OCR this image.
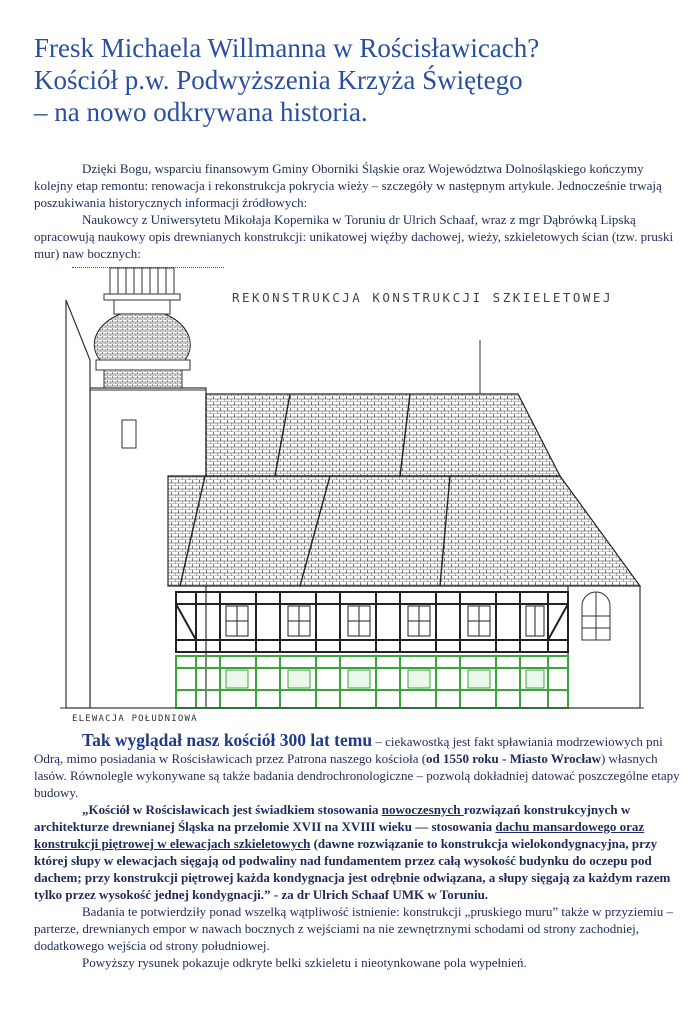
Fresk Michaela Willmanna w Rościsławicach?
Kościół p.w. Podwyższenia Krzyża Świętego
– na nowo odkrywana historia.

Dzięki Bogu, wsparciu finansowym Gminy Oborniki Śląskie oraz Województwa Dolnośląskiego kończymy kolejny etap remontu: renowacja i rekonstrukcja pokrycia wieży – szczegóły w następnym artykule. Jednocześnie trwają poszukiwania historycznych informacji źródłowych:

Naukowcy z Uniwersytetu Mikołaja Kopernika w Toruniu dr Ulrich Schaaf, wraz z mgr Dąbrówką Lipską opracowują naukowy opis drewnianych konstrukcji: unikatowej więźby dachowej, wieży, szkieletowych ścian (tzw. pruski mur) naw bocznych:

REKONSTRUKCJA KONSTRUKCJI SZKIELETOWEJ
ELEWACJA POŁUDNIOWA

Tak wyglądał nasz kościół 300 lat temu – ciekawostką jest fakt spławiania modrzewiowych pni Odrą, mimo posiadania w Rościsławicach przez Patrona naszego kościoła (od 1550 roku - Miasto Wrocław) własnych lasów. Równolegle wykonywane są także badania dendrochronologiczne – pozwolą dokładniej datować poszczególne etapy budowy.

„Kościół w Rościsławicach jest świadkiem stosowania nowoczesnych rozwiązań konstrukcyjnych w architekturze drewnianej Śląska na przełomie XVII na XVIII wieku — stosowania dachu mansardowego oraz konstrukcji piętrowej w elewacjach szkieletowych (dawne rozwiązanie to konstrukcja wielokondygnacyjna, przy której słupy w elewacjach sięgają od podwaliny nad fundamentem przez całą wysokość budynku do oczepu pod dachem; przy konstrukcji piętrowej każda kondygnacja jest odrębnie odwiązana, a słupy sięgają za każdym razem tylko przez wysokość jednej kondygnacji.” - za dr Ulrich Schaaf UMK w Toruniu.

Badania te potwierdziły ponad wszelką wątpliwość istnienie: konstrukcji „pruskiego muru” także w przyziemiu – parterze, drewnianych empor w nawach bocznych z wejściami na nie zewnętrznymi schodami od strony zachodniej, dodatkowego wejścia od strony południowej.

Powyższy rysunek pokazuje odkryte belki szkieletu i nieotynkowane pola wypełnień.
